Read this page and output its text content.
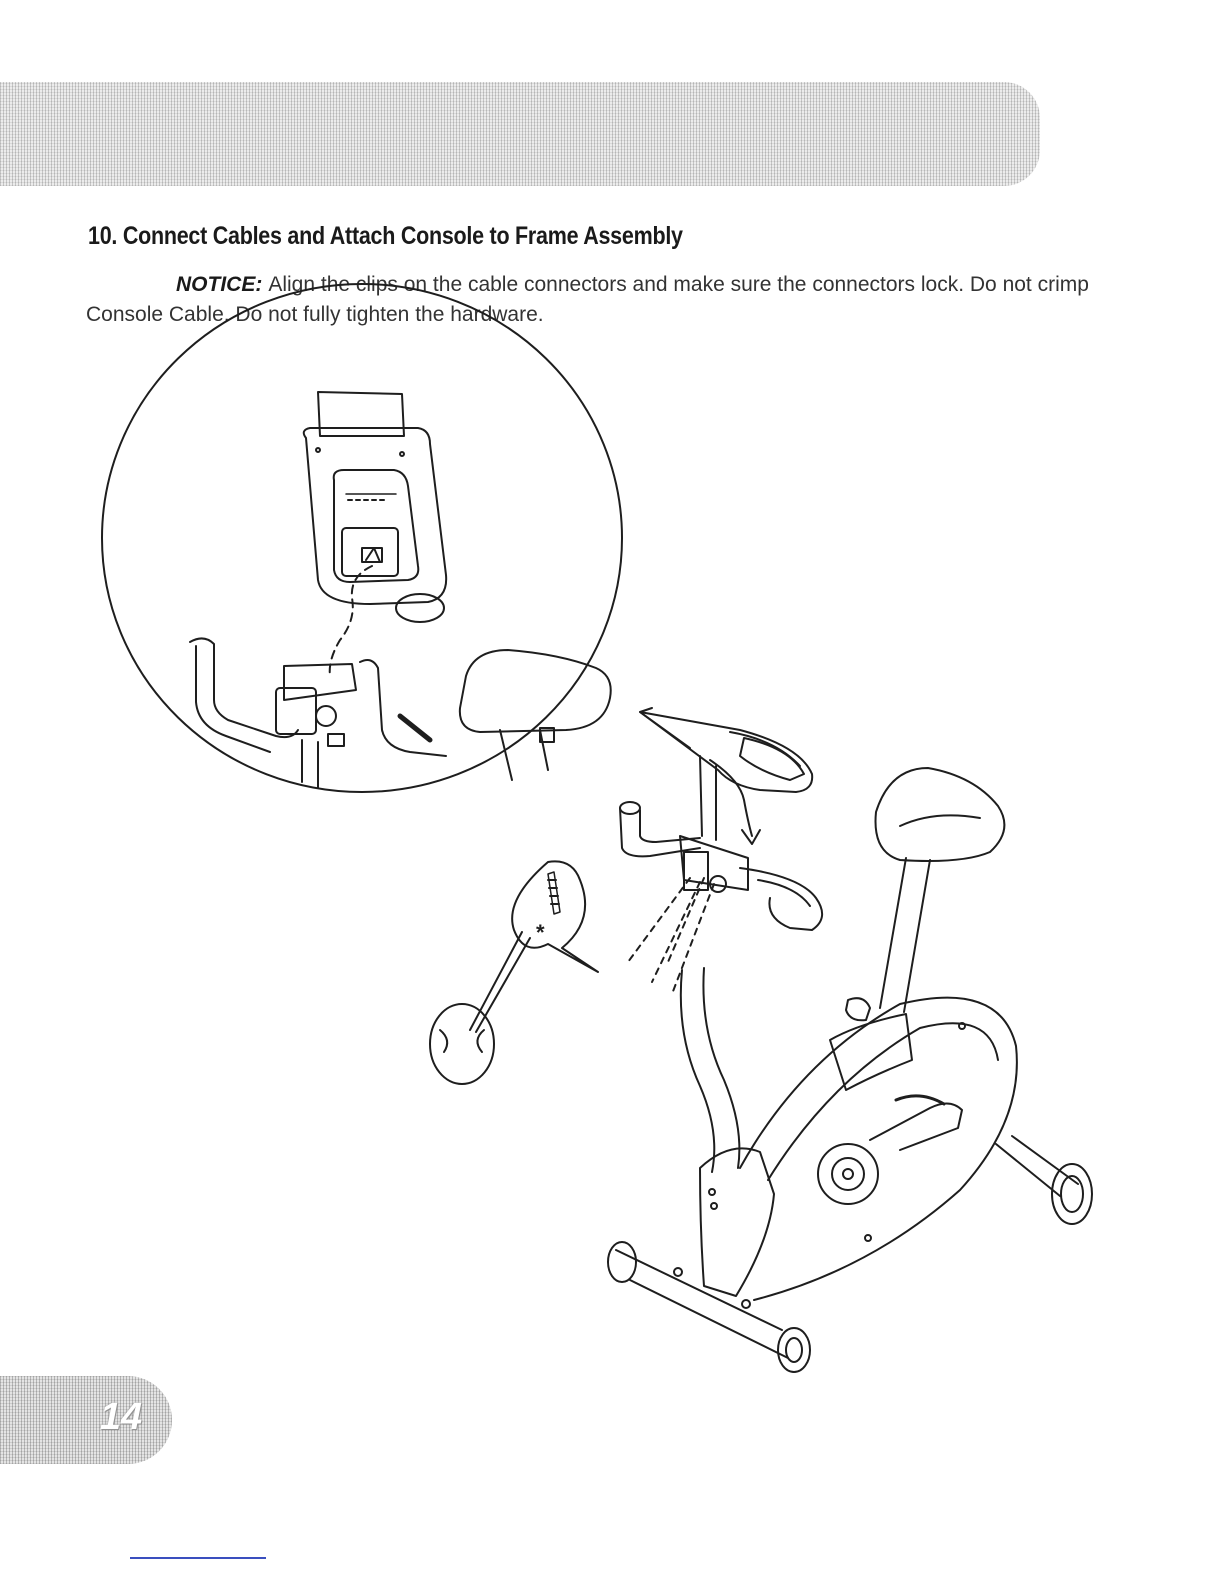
10. Connect Cables and Attach Console to Frame Assembly

NOTICE: Align the clips on the cable connectors and make sure the connectors lock. Do not crimp Console Cable. Do not fully tighten the hardware.

*
14
